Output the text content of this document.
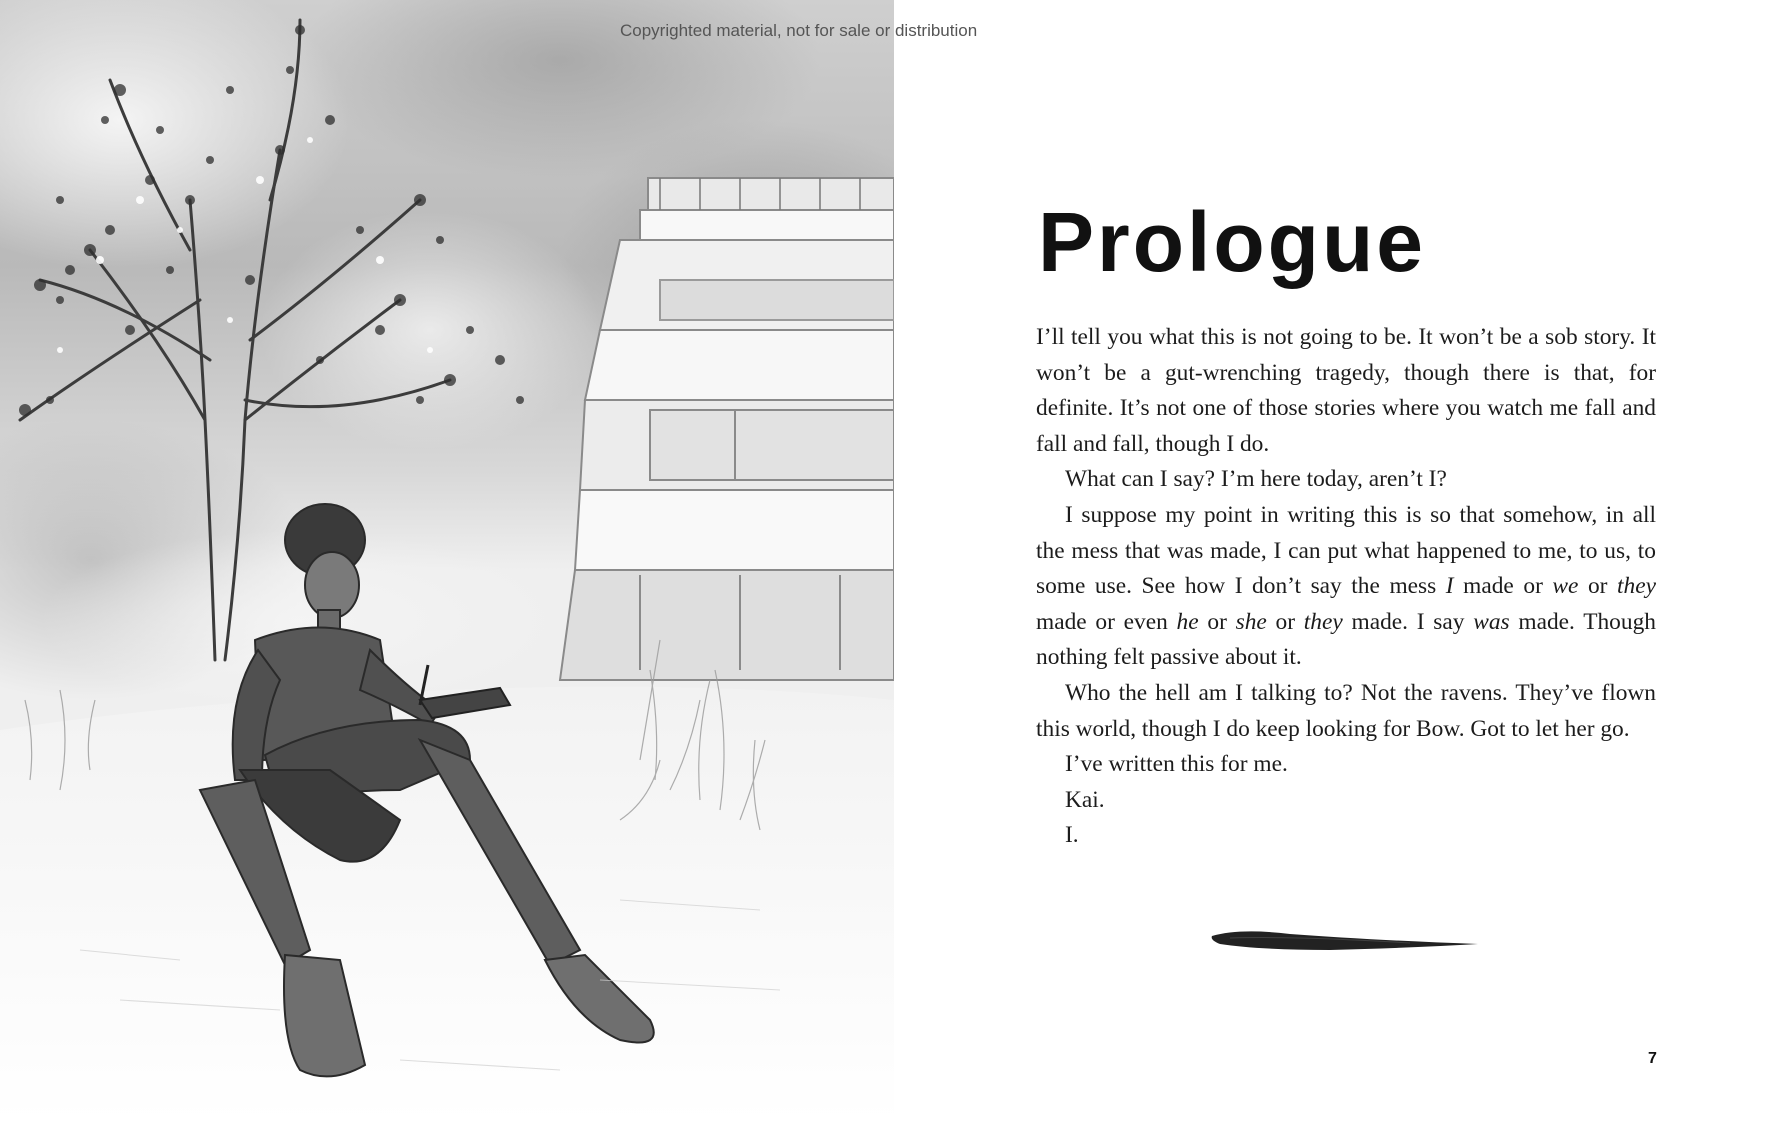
Copyrighted material, not for sale or distribution
Prologue

I’ll tell you what this is not going to be. It won’t be a sob story. It won’t be a gut-wrenching tragedy, though there is that, for definite. It’s not one of those stories where you watch me fall and fall and fall, though I do.

What can I say? I’m here today, aren’t I?

I suppose my point in writing this is so that somehow, in all the mess that was made, I can put what happened to me, to us, to some use. See how I don’t say the mess I made or we or they made or even he or she or they made. I say was made. Though nothing felt passive about it.

Who the hell am I talking to? Not the ravens. They’ve flown this world, though I do keep looking for Bow. Got to let her go.

I’ve written this for me.

Kai.

I.

7
